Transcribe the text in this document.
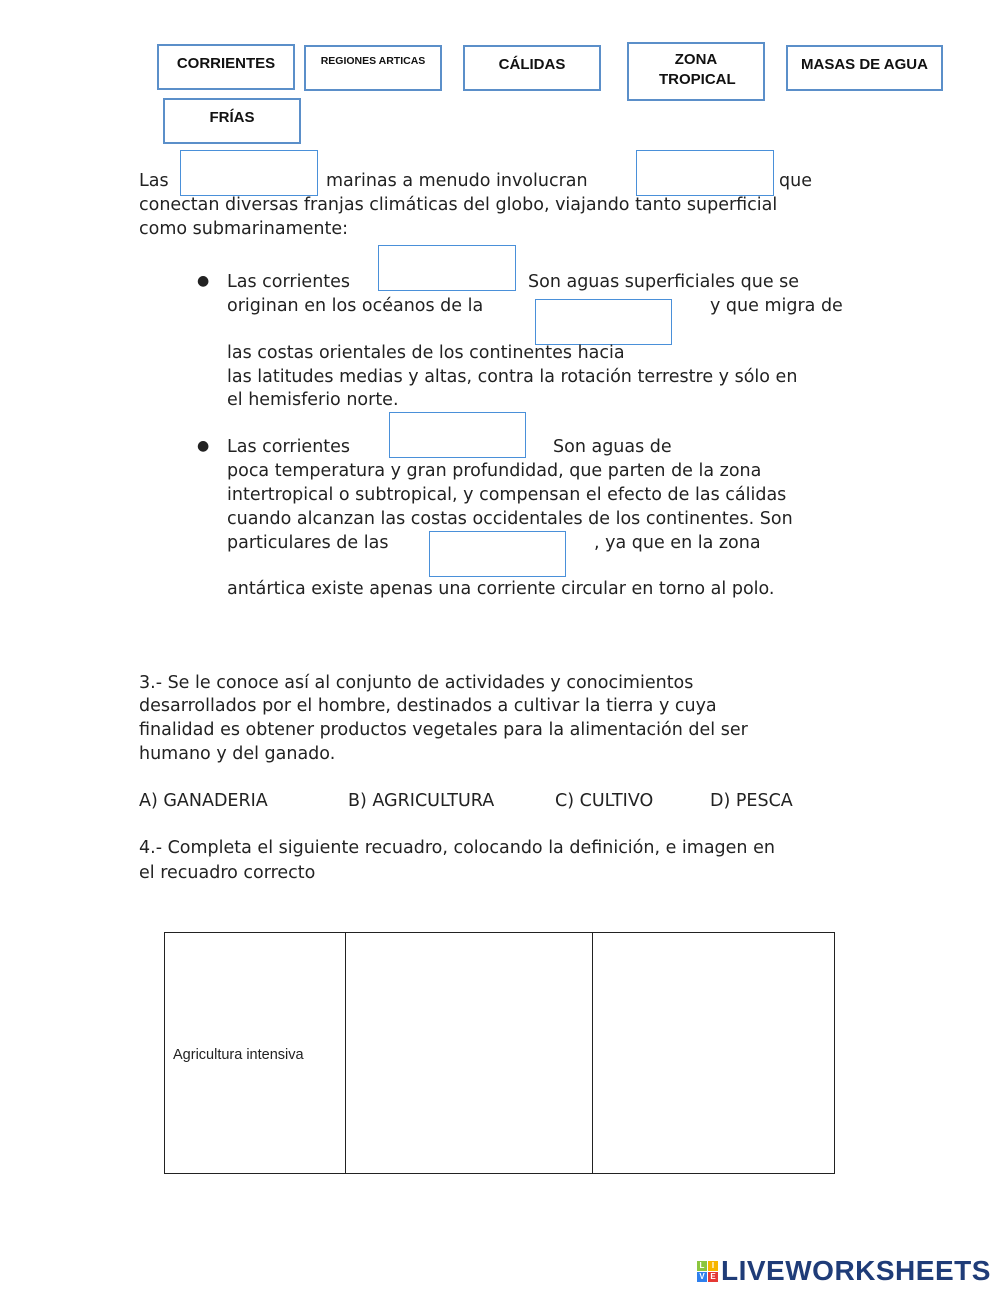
CORRIENTES	REGIONES ARTICAS	CÁLIDAS	ZONA TROPICAL
MASAS DE AGUA
FRÍAS
Las	marinas a menudo involucran	que
conectan diversas franjas climáticas del globo, viajando tanto superficial
como submarinamente:
● Las corrientes	Son aguas superficiales que se
originan en los océanos de la	y que migra de
las costas orientales de los continentes hacia
las latitudes medias y altas, contra la rotación terrestre y sólo en
el hemisferio norte.
● Las corrientes	Son aguas de
poca temperatura y gran profundidad, que parten de la zona
intertropical o subtropical, y compensan el efecto de las cálidas
cuando alcanzan las costas occidentales de los continentes. Son
particulares de las	, ya que en la zona
antártica existe apenas una corriente circular en torno al polo.
3.- Se le conoce así al conjunto de actividades y conocimientos
desarrollados por el hombre, destinados a cultivar la tierra y cuya
finalidad es obtener productos vegetales para la alimentación del ser
humano y del ganado.
A) GANADERIA	B) AGRICULTURA	C) CULTIVO	D) PESCA
4.- Completa el siguiente recuadro, colocando la definición, e imagen en
el recuadro correcto
Agricultura intensiva		
L I
V E LIVEWORKSHEETS
